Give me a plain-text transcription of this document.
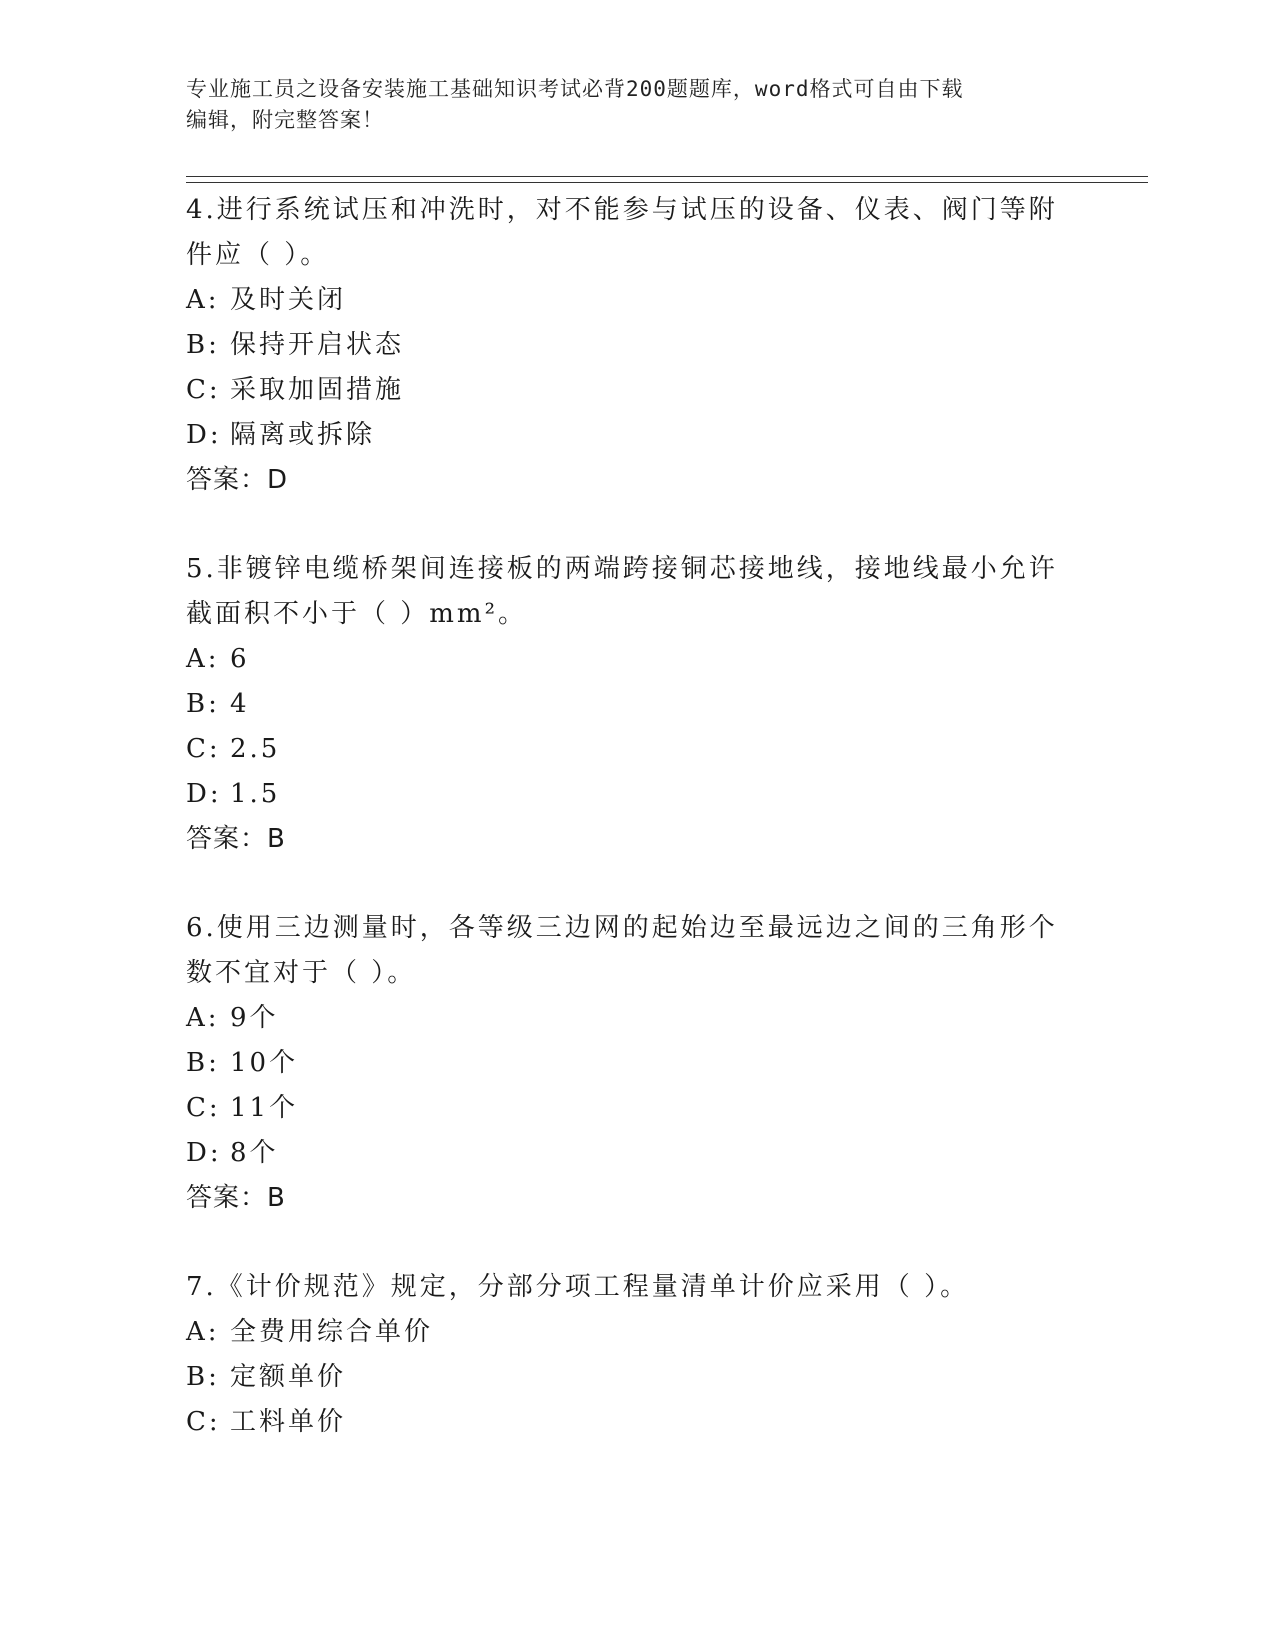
专业施工员之设备安装施工基础知识考试必背200题题库，word格式可自由下载

编辑，附完整答案！

4.进行系统试压和冲洗时，对不能参与试压的设备、仪表、阀门等附

件应（ ）。

A: 及时关闭

B: 保持开启状态

C: 采取加固措施

D: 隔离或拆除

答案：D

5.非镀锌电缆桥架间连接板的两端跨接铜芯接地线，接地线最小允许

截面积不小于（ ）mm²。

A: 6

B: 4

C: 2.5

D: 1.5

答案：B

6.使用三边测量时，各等级三边网的起始边至最远边之间的三角形个

数不宜对于（ ）。

A: 9个

B: 10个

C: 11个

D: 8个

答案：B

7.《计价规范》规定，分部分项工程量清单计价应采用（ ）。

A: 全费用综合单价

B: 定额单价

C: 工料单价
